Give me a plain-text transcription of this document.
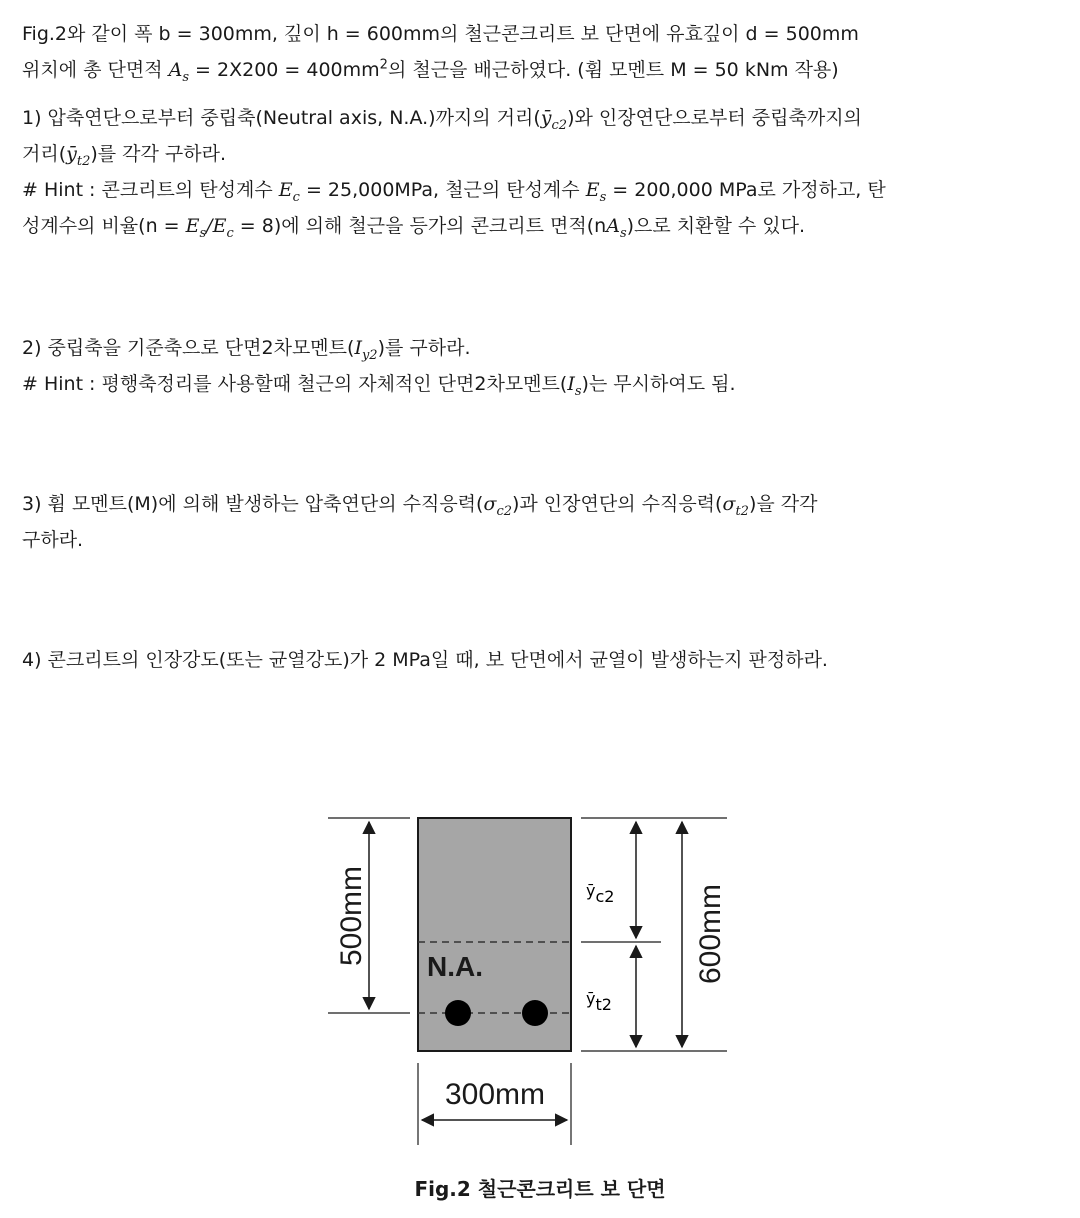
Fig.2와 같이 폭 b = 300mm, 깊이 h = 600mm의 철근콘크리트 보 단면에 유효깊이 d = 500mm
위치에 총 단면적 $A_s = 2X200 = 400mm^2$의 철근을 배근하였다. (휨 모멘트 M = 50 kNm 작용)

1) 압축연단으로부터 중립축(Neutral axis, N.A.)까지의 거리$(ȳ_{c2})$와 인장연단으로부터 중립축까지의
거리$(ȳ_{t2})$를 각각 구하라.
# Hint : 콘크리트의 탄성계수 $E_c = 25,000MPa$, 철근의 탄성계수 $E_s = 200,000$ MPa로 가정하고, 탄
성계수의 비율$(n = E_s/E_c = 8)$에 의해 철근을 등가의 콘크리트 면적$(nA_s)$으로 치환할 수 있다.

2) 중립축을 기준축으로 단면2차모멘트$(I_{y2})$를 구하라.
# Hint : 평행축정리를 사용할때 철근의 자체적인 단면2차모멘트$(I_s)$는 무시하여도 됨.

3) 휨 모멘트(M)에 의해 발생하는 압축연단의 수직응력$(\sigma_{c2})$과 인장연단의 수직응력$(\sigma_{t2})$을 각각
구하라.

4) 콘크리트의 인장강도(또는 균열강도)가 2 MPa일 때, 보 단면에서 균열이 발생하는지 판정하라.

N.A.
500mm	ȳc2
ȳt2
600mm
300mm
Fig.2 철근콘크리트 보 단면
